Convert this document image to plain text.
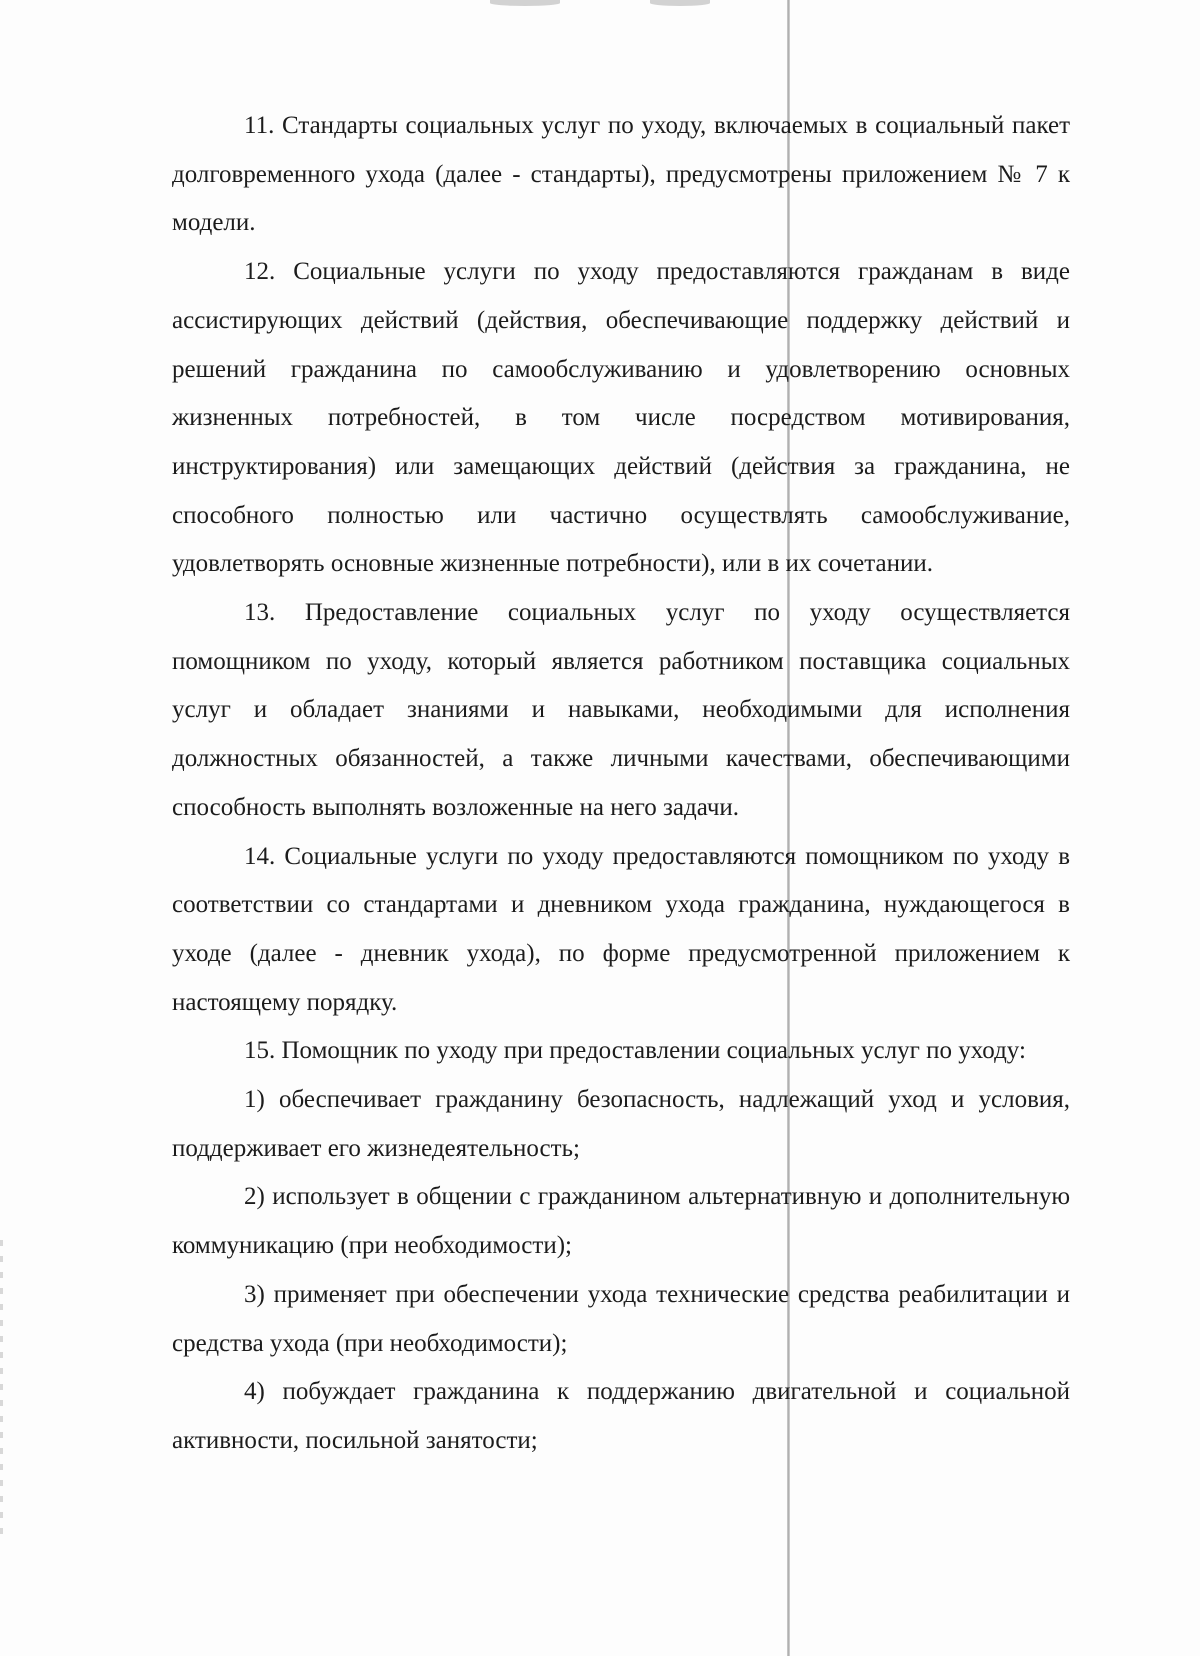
11. Стандарты социальных услуг по уходу, включаемых в социальный пакет долговременного ухода (далее - стандарты), предусмотрены приложением № 7 к модели.

12. Социальные услуги по уходу предоставляются гражданам в виде ассистирующих действий (действия, обеспечивающие поддержку действий и решений гражданина по самообслуживанию и удовлетворению основных жизненных потребностей, в том числе посредством мотивирования, инструктирования) или замещающих действий (действия за гражданина, не способного полностью или частично осуществлять самообслуживание, удовлетворять основные жизненные потребности), или в их сочетании.

13. Предоставление социальных услуг по уходу осуществляется помощником по уходу, который является работником поставщика социальных услуг и обладает знаниями и навыками, необходимыми для исполнения должностных обязанностей, а также личными качествами, обеспечивающими способность выполнять возложенные на него задачи.

14. Социальные услуги по уходу предоставляются помощником по уходу в соответствии со стандартами и дневником ухода гражданина, нуждающегося в уходе (далее - дневник ухода), по форме предусмотренной приложением к настоящему порядку.

15. Помощник по уходу при предоставлении социальных услуг по уходу:

1) обеспечивает гражданину безопасность, надлежащий уход и условия, поддерживает его жизнедеятельность;

2) использует в общении с гражданином альтернативную и дополнительную коммуникацию (при необходимости);

3) применяет при обеспечении ухода технические средства реабилитации и средства ухода (при необходимости);

4) побуждает гражданина к поддержанию двигательной и социальной активности, посильной занятости;
